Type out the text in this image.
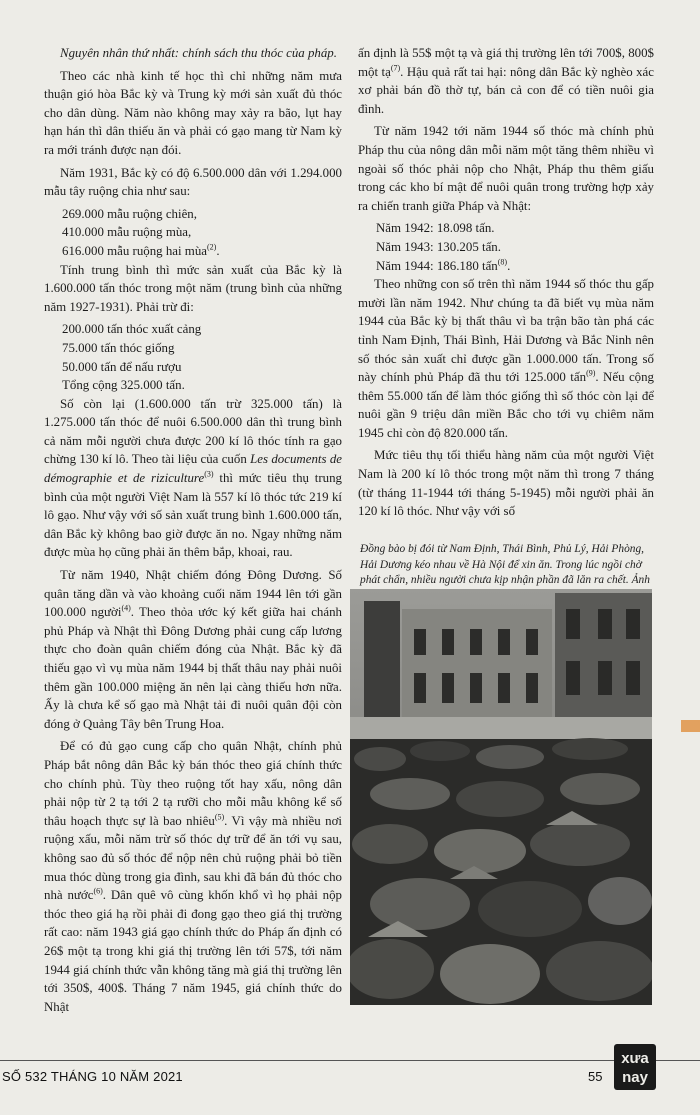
Nguyên nhân thứ nhất: chính sách thu thóc của pháp.

Theo các nhà kinh tế học thì chỉ những năm mưa thuận gió hòa Bắc kỳ và Trung kỳ mới sản xuất đủ thóc cho dân dùng. Năm nào không may xảy ra bão, lụt hay hạn hán thì dân thiếu ăn và phải có gạo mang từ Nam kỳ ra mới tránh được nạn đói.

Năm 1931, Bắc kỳ có độ 6.500.000 dân với 1.294.000 mẫu tây ruộng chia như sau:

269.000 mẫu ruộng chiên,

410.000 mẫu ruộng mùa,

616.000 mẫu ruộng hai mùa$^{(2)}$.

Tính trung bình thì mức sản xuất của Bắc kỳ là 1.600.000 tấn thóc trong một năm (trung bình của những năm 1927-1931). Phải trừ đi:

200.000 tấn thóc xuất cảng

75.000 tấn thóc giống

50.000 tấn để nấu rượu

Tổng cộng 325.000 tấn.

Số còn lại (1.600.000 tấn trừ 325.000 tấn) là 1.275.000 tấn thóc để nuôi 6.500.000 dân thì trung bình cả năm mỗi người chưa được 200 kí lô thóc tính ra gạo chừng 130 kí lô. Theo tài liệu của cuốn Les documents de démographie et de riziculture$^{(3)}$ thì mức tiêu thụ trung bình của một người Việt Nam là 557 kí lô thóc tức 219 kí lô gạo. Như vậy với số sản xuất trung bình 1.600.000 tấn, dân Bắc kỳ không bao giờ được ăn no. Ngay những năm được mùa họ cũng phải ăn thêm bắp, khoai, rau.

Từ năm 1940, Nhật chiếm đóng Đông Dương. Số quân tăng dần và vào khoảng cuối năm 1944 lên tới gần 100.000 người$^{(4)}$. Theo thỏa ước ký kết giữa hai chánh phủ Pháp và Nhật thì Đông Dương phải cung cấp lương thực cho đoàn quân chiếm đóng của Nhật. Bắc kỳ đã thiếu gạo vì vụ mùa năm 1944 bị thất thâu nay phải nuôi thêm gần 100.000 miệng ăn nên lại càng thiếu hơn nữa. Ấy là chưa kể số gạo mà Nhật tải đi nuôi quân đội còn đóng ở Quảng Tây bên Trung Hoa.

Để có đủ gạo cung cấp cho quân Nhật, chính phủ Pháp bắt nông dân Bắc kỳ bán thóc theo giá chính thức cho chính phủ. Tùy theo ruộng tốt hay xấu, nông dân phải nộp từ 2 tạ tới 2 tạ rưỡi cho mỗi mẫu không kể số thâu hoạch thực sự là bao nhiêu$^{(5)}$. Vì vậy mà nhiều nơi ruộng xấu, mỗi năm trừ số thóc dự trữ để ăn tới vụ sau, không sao đủ số thóc để nộp nên chủ ruộng phải bỏ tiền mua thóc dùng trong gia đình, sau khi đã bán đủ thóc cho nhà nước$^{(6)}$. Dân quê vô cùng khốn khổ vì họ phải nộp thóc theo giá hạ rồi phải đi đong gạo theo giá thị trường rất cao: năm 1943 giá gạo chính thức do Pháp ấn định có 26$ một tạ trong khi giá thị trường lên tới 57$, tới năm 1944 giá chính thức vẫn không tăng mà giá thị trường lên tới 350$, 400$. Tháng 7 năm 1945, giá chính thức do Nhật

ấn định là 55$ một tạ và giá thị trường lên tới 700$, 800$ một tạ$^{(7)}$. Hậu quả rất tai hại: nông dân Bắc kỳ nghèo xác xơ phải bán đồ thờ tự, bán cả con để có tiền nuôi gia đình.

Từ năm 1942 tới năm 1944 số thóc mà chính phủ Pháp thu của nông dân mỗi năm một tăng thêm nhiều vì ngoài số thóc phải nộp cho Nhật, Pháp thu thêm giấu trong các kho bí mật để nuôi quân trong trường hợp xảy ra chiến tranh giữa Pháp và Nhật:

Năm 1942: 18.098 tấn.

Năm 1943: 130.205 tấn.

Năm 1944: 186.180 tấn$^{(8)}$.

Theo những con số trên thì năm 1944 số thóc thu gấp mười lần năm 1942. Như chúng ta đã biết vụ mùa năm 1944 của Bắc kỳ bị thất thâu vì ba trận bão tàn phá các tỉnh Nam Định, Thái Bình, Hải Dương và Bắc Ninh nên số thóc sản xuất chỉ được gần 1.000.000 tấn. Trong số này chính phủ Pháp đã thu tới 125.000 tấn$^{(9)}$. Nếu cộng thêm 55.000 tấn để làm thóc giống thì số thóc còn lại để nuôi gần 9 triệu dân miền Bắc cho tới vụ chiêm năm 1945 chỉ còn độ 820.000 tấn.

Mức tiêu thụ tối thiểu hàng năm của một người Việt Nam là 200 kí lô thóc trong một năm thì trong 7 tháng (từ tháng 11-1944 tới tháng 5-1945) mỗi người phải ăn 120 kí lô thóc. Như vậy với số

Đồng bào bị đói từ Nam Định, Thái Bình, Phủ Lý, Hải Phòng, Hải Dương kéo nhau về Hà Nội để xin ăn. Trong lúc ngồi chờ phát chẩn, nhiều người chưa kịp nhận phần đã lăn ra chết. Ảnh
SỐ 532 THÁNG 10 NĂM 2021	55
xưa
nay
